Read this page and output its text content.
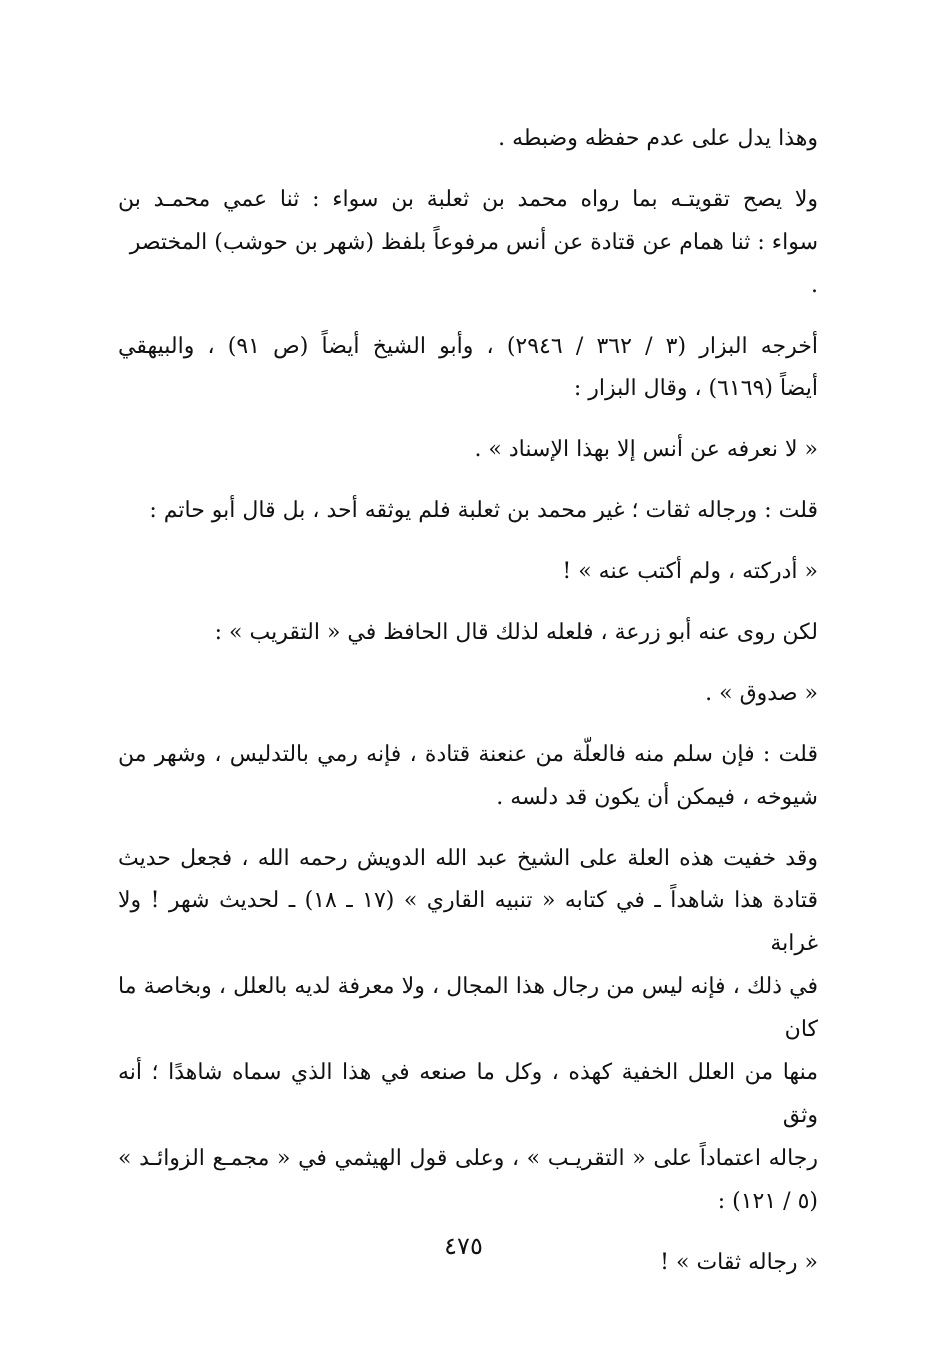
وهذا يدل على عدم حفظه وضبطه .

ولا يصح تقويتـه بما رواه محمد بن ثعلبة بن سواء : ثنا عمي محمـد بن
سواء : ثنا همام عن قتادة عن أنس مرفوعاً بلفظ (شهر بن حوشب) المختصر .

أخرجه البزار (٣ / ٣٦٢ / ٢٩٤٦) ، وأبو الشيخ أيضاً (ص ٩١) ، والبيهقي
أيضاً (٦١٦٩) ، وقال البزار :

« لا نعرفه عن أنس إلا بهذا الإسناد » .

قلت : ورجاله ثقات ؛ غير محمد بن ثعلبة فلم يوثقه أحد ، بل قال أبو حاتم :

« أدركته ، ولم أكتب عنه » !

لكن روى عنه أبو زرعة ، فلعله لذلك قال الحافظ في « التقريب » :

« صدوق » .

قلت : فإن سلم منه فالعلّة من عنعنة قتادة ، فإنه رمي بالتدليس ، وشهر من
شيوخه ، فيمكن أن يكون قد دلسه .

وقد خفيت هذه العلة على الشيخ عبد الله الدويش رحمه الله ، فجعل حديث
قتادة هذا شاهداً ـ في كتابه « تنبيه القاري » (١٧ ـ ١٨) ـ لحديث شهر ! ولا غرابة
في ذلك ، فإنه ليس من رجال هذا المجال ، ولا معرفة لديه بالعلل ، وبخاصة ما كان
منها من العلل الخفية كهذه ، وكل ما صنعه في هذا الذي سماه شاهدًا ؛ أنه وثق
رجاله اعتماداً على « التقريـب » ، وعلى قول الهيثمي في « مجمـع الزوائـد »
(٥ / ١٢١) :

« رجاله ثقات » !

٤٧٥
